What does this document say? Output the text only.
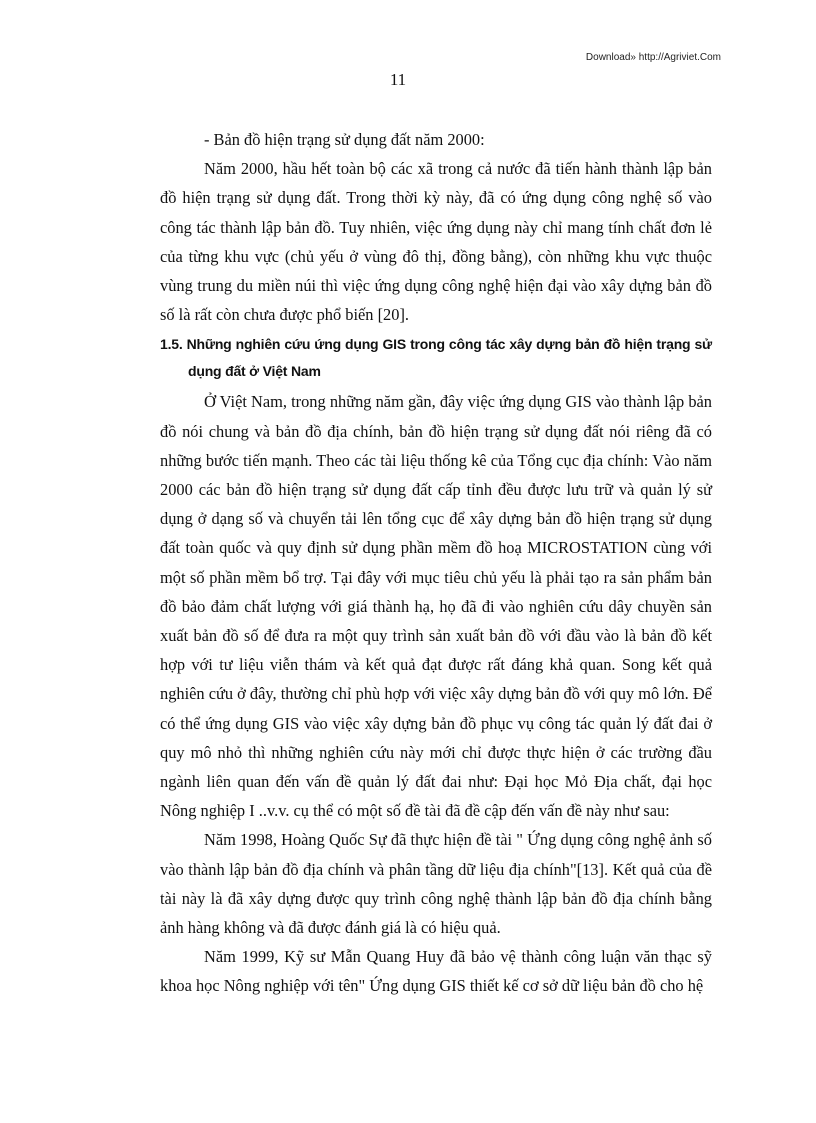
Download» http://Agriviet.Com
11

- Bản đồ hiện trạng sử dụng đất năm 2000:

Năm 2000, hầu hết toàn bộ các xã trong cả nước đã tiến hành thành lập bản đồ hiện trạng sử dụng đất. Trong thời kỳ này, đã có ứng dụng công nghệ số vào công tác thành lập bản đồ. Tuy nhiên, việc ứng dụng này chỉ mang tính chất đơn lẻ của từng khu vực (chủ yếu ở vùng đô thị, đồng bằng), còn những khu vực thuộc vùng trung du miền núi thì việc ứng dụng công nghệ hiện đại vào xây dựng bản đồ số là rất còn chưa được phổ biến [20].

1.5. Những nghiên cứu ứng dụng GIS trong công tác xây dựng bản đồ hiện trạng sử dụng đất ở Việt Nam

Ở Việt Nam, trong những năm gần, đây việc ứng dụng GIS vào thành lập bản đồ nói chung và bản đồ địa chính, bản đồ hiện trạng sử dụng đất nói riêng đã có những bước tiến mạnh. Theo các tài liệu thống kê của Tổng cục địa chính: Vào năm 2000 các bản đồ hiện trạng sử dụng đất cấp tỉnh đều được lưu trữ và quản lý sử dụng ở dạng số và chuyển tải lên tổng cục để xây dựng bản đồ hiện trạng sử dụng đất toàn quốc và quy định sử dụng phần mềm đồ hoạ MICROSTATION cùng với một số phần mềm bổ trợ. Tại đây với mục tiêu chủ yếu là phải tạo ra sản phẩm bản đồ bảo đảm chất lượng với giá thành hạ, họ đã đi vào nghiên cứu dây chuyền sản xuất bản đồ số để đưa ra một quy trình sản xuất bản đồ với đầu vào là bản đồ kết hợp với tư liệu viễn thám và kết quả đạt được rất đáng khả quan. Song kết quả nghiên cứu ở đây, thường chỉ phù hợp với việc xây dựng bản đồ với quy mô lớn. Để có thể ứng dụng GIS vào việc xây dựng bản đồ phục vụ công tác quản lý đất đai ở quy mô nhỏ thì những nghiên cứu này mới chỉ được thực hiện ở các trường đầu ngành liên quan đến vấn đề quản lý đất đai như: Đại học Mỏ Địa chất, đại học Nông nghiệp I ..v.v. cụ thể có một số đề tài đã đề cập đến vấn đề này như sau:

Năm 1998, Hoàng Quốc Sự đã thực hiện đề tài " Ứng dụng công nghệ ảnh số vào thành lập bản đồ địa chính và phân tầng dữ liệu địa chính"[13]. Kết quả của đề tài này là đã xây dựng được quy trình công nghệ thành lập bản đồ địa chính bằng ảnh hàng không và đã được đánh giá là có hiệu quả.

Năm 1999, Kỹ sư Mẫn Quang Huy đã bảo vệ thành công luận văn thạc sỹ khoa học Nông nghiệp với tên" Ứng dụng GIS thiết kế cơ sở dữ liệu bản đồ cho hệ
